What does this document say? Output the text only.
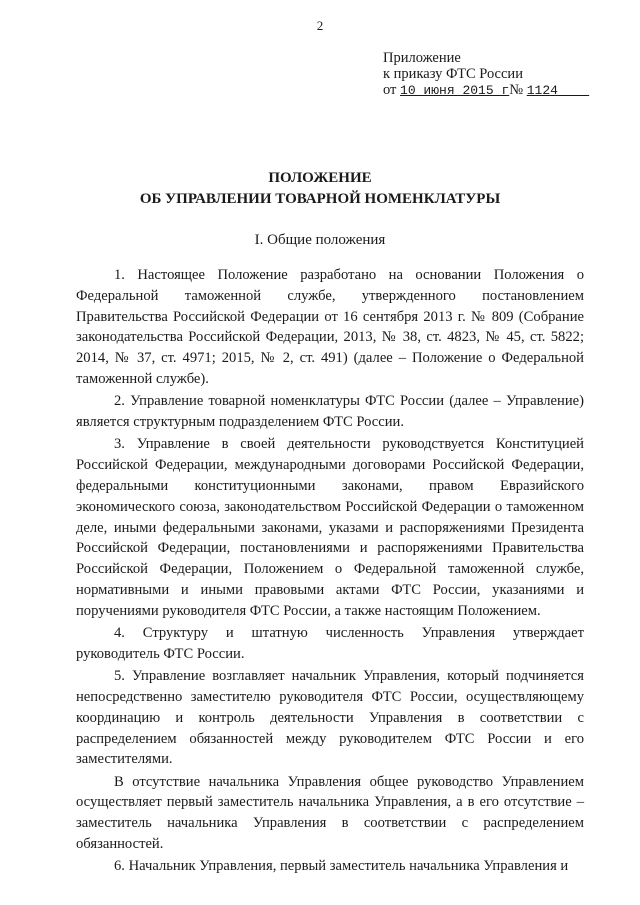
2
Приложение
к приказу ФТС России
от 10 июня 2015 г№ 1124
ПОЛОЖЕНИЕ
ОБ УПРАВЛЕНИИ ТОВАРНОЙ НОМЕНКЛАТУРЫ
I. Общие положения

1. Настоящее Положение разработано на основании Положения о Федеральной таможенной службе, утвержденного постановлением Правительства Российской Федерации от 16 сентября 2013 г. № 809 (Собрание законодательства Российской Федерации, 2013, № 38, ст. 4823, № 45, ст. 5822; 2014, № 37, ст. 4971; 2015, № 2, ст. 491) (далее – Положение о Федеральной таможенной службе).

2. Управление товарной номенклатуры ФТС России (далее – Управление) является структурным подразделением ФТС России.

3. Управление в своей деятельности руководствуется Конституцией Российской Федерации, международными договорами Российской Федерации, федеральными конституционными законами, правом Евразийского экономического союза, законодательством Российской Федерации о таможенном деле, иными федеральными законами, указами и распоряжениями Президента Российской Федерации, постановлениями и распоряжениями Правительства Российской Федерации, Положением о Федеральной таможенной службе, нормативными и иными правовыми актами ФТС России, указаниями и поручениями руководителя ФТС России, а также настоящим Положением.

4. Структуру и штатную численность Управления утверждает руководитель ФТС России.

5. Управление возглавляет начальник Управления, который подчиняется непосредственно заместителю руководителя ФТС России, осуществляющему координацию и контроль деятельности Управления в соответствии с распределением обязанностей между руководителем ФТС России и его заместителями.

В отсутствие начальника Управления общее руководство Управлением осуществляет первый заместитель начальника Управления, а в его отсутствие – заместитель начальника Управления в соответствии с распределением обязанностей.

6. Начальник Управления, первый заместитель начальника Управления и
